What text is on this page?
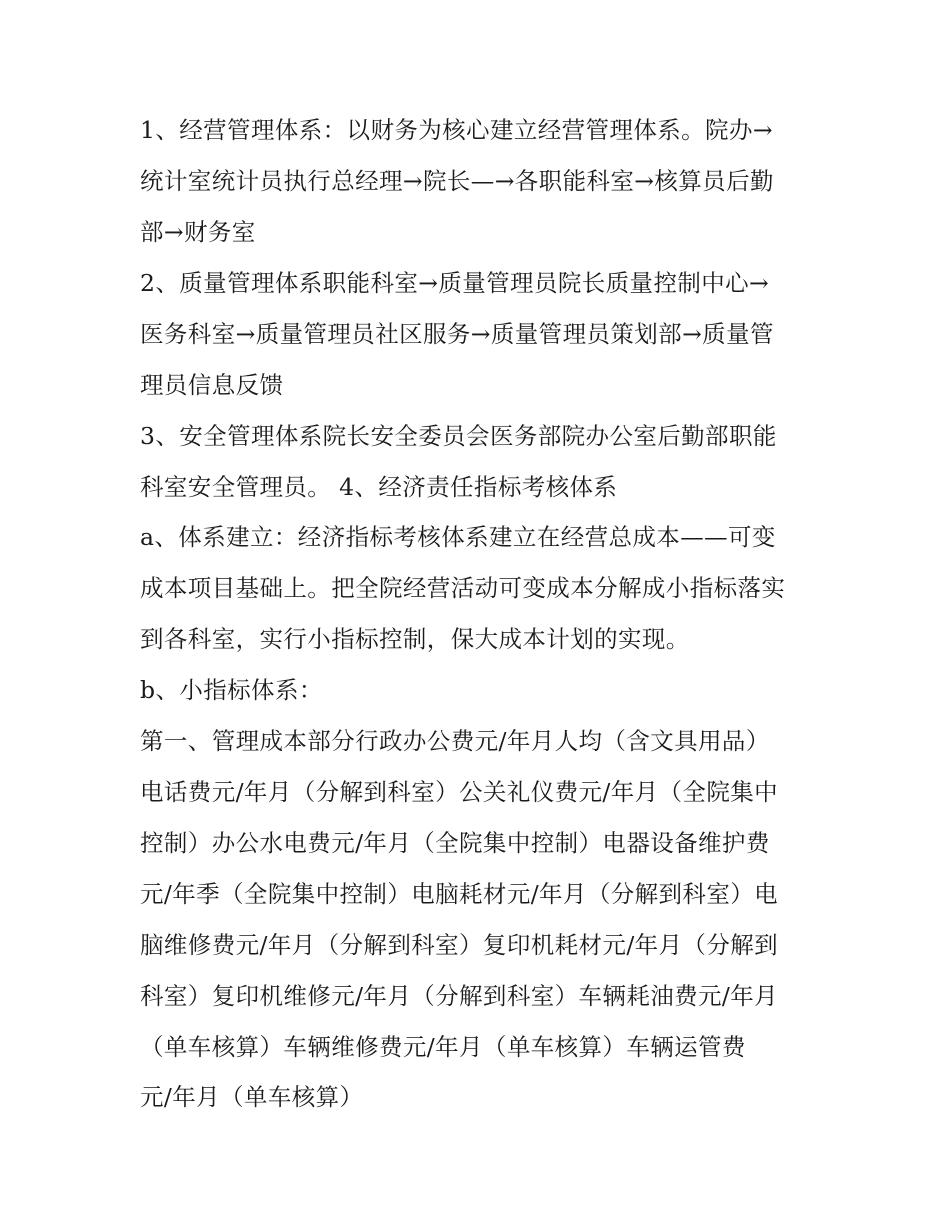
1、经营管理体系：以财务为核心建立经营管理体系。院办→
统计室统计员执行总经理→院长—→各职能科室→核算员后勤
部→财务室
2、质量管理体系职能科室→质量管理员院长质量控制中心→
医务科室→质量管理员社区服务→质量管理员策划部→质量管
理员信息反馈
3、安全管理体系院长安全委员会医务部院办公室后勤部职能
科室安全管理员。 4、经济责任指标考核体系
a、体系建立：经济指标考核体系建立在经营总成本——可变
成本项目基础上。把全院经营活动可变成本分解成小指标落实
到各科室，实行小指标控制，保大成本计划的实现。
b、小指标体系：
第一、管理成本部分行政办公费元/年月人均（含文具用品）
电话费元/年月（分解到科室）公关礼仪费元/年月（全院集中
控制）办公水电费元/年月（全院集中控制）电器设备维护费
元/年季（全院集中控制）电脑耗材元/年月（分解到科室）电
脑维修费元/年月（分解到科室）复印机耗材元/年月（分解到
科室）复印机维修元/年月（分解到科室）车辆耗油费元/年月
（单车核算）车辆维修费元/年月（单车核算）车辆运管费
元/年月（单车核算）
